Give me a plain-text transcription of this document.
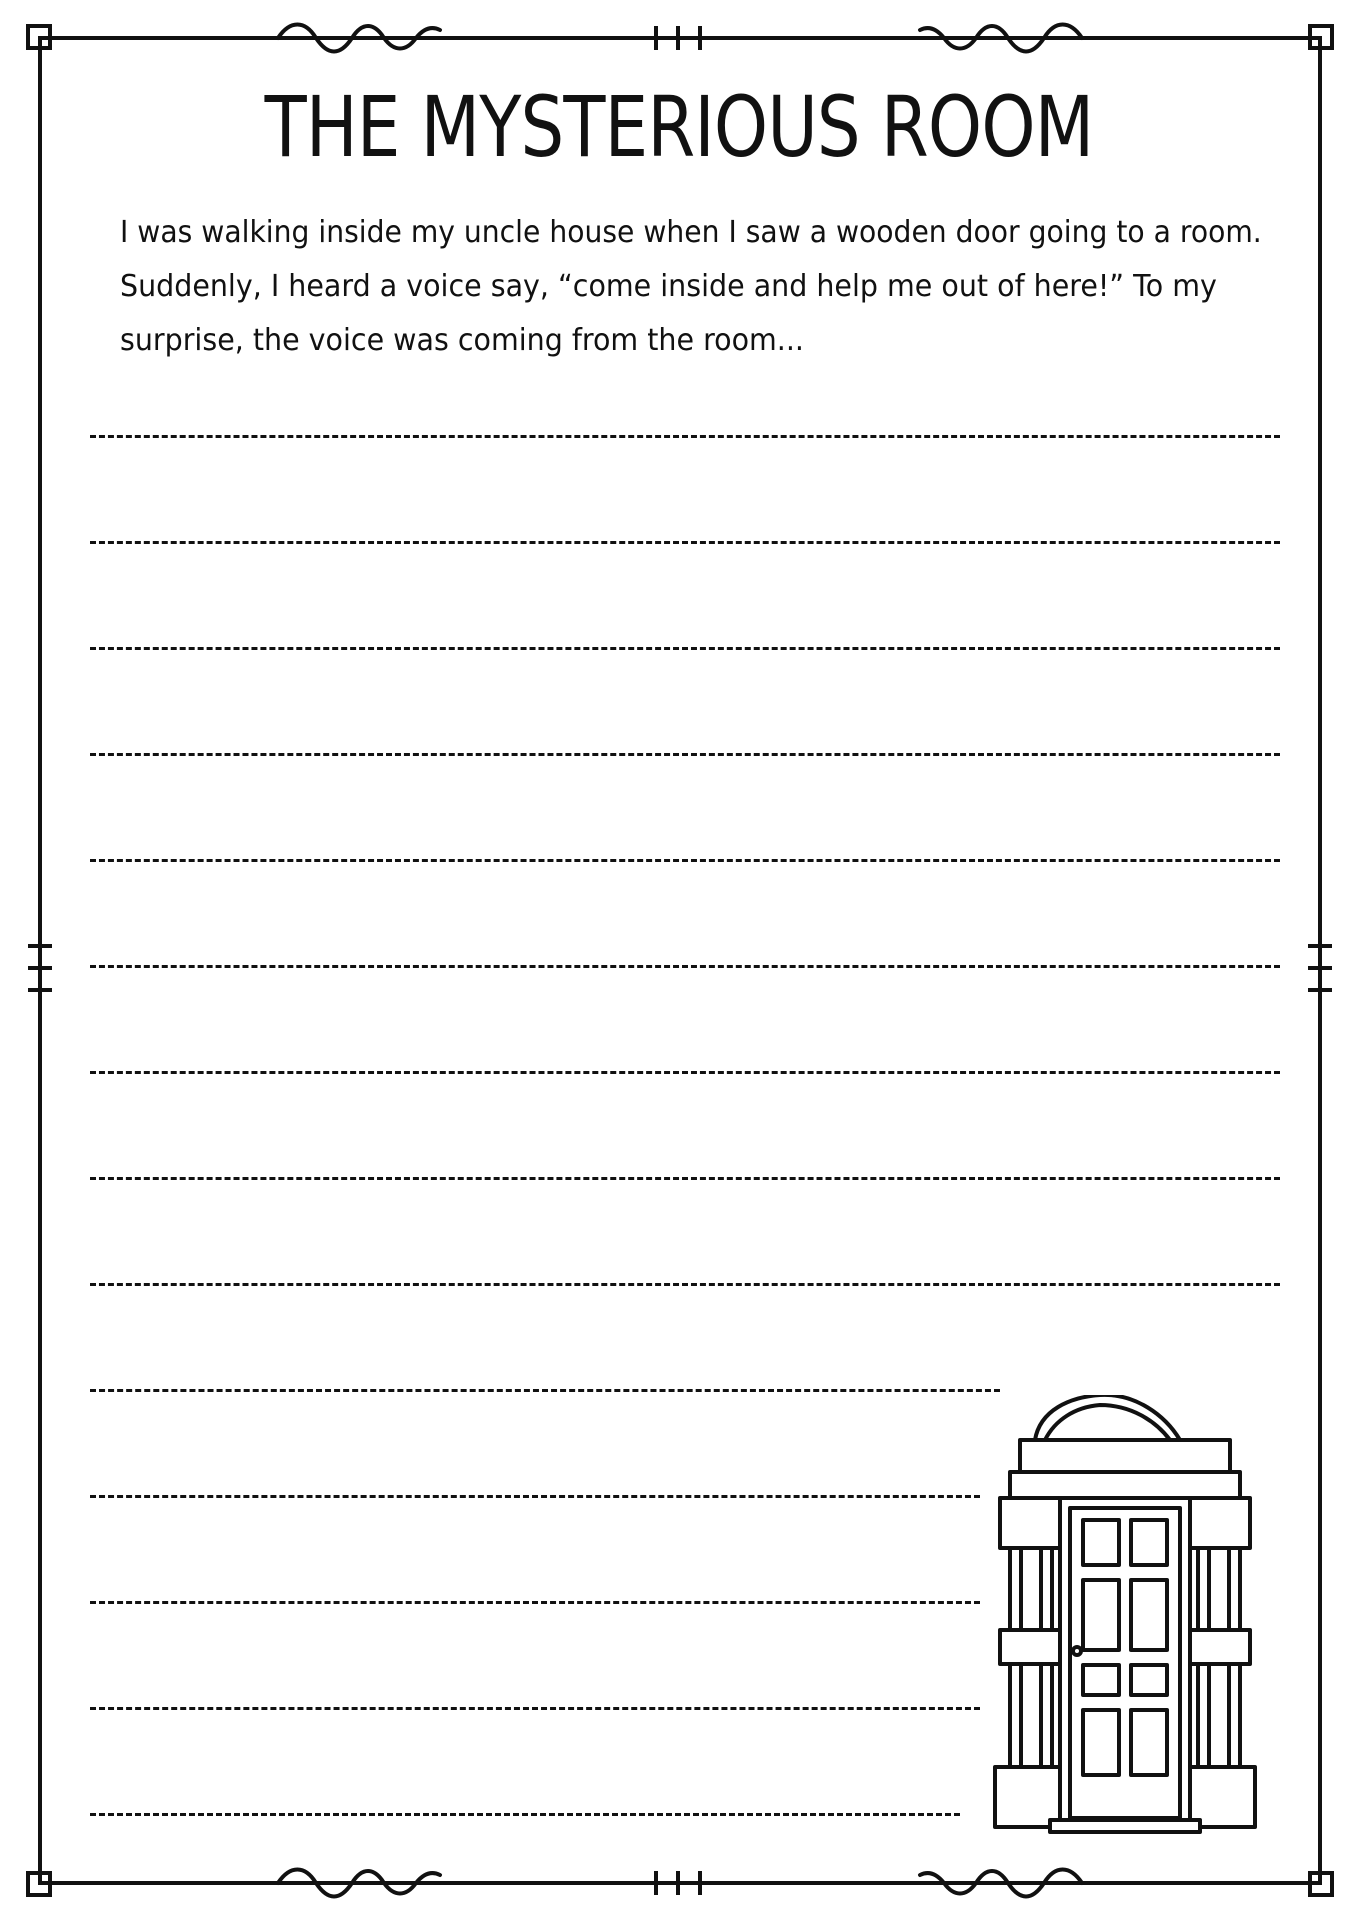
THE MYSTERIOUS ROOM

I was walking inside my uncle house when I saw a wooden door going to a room.
Suddenly, I heard a voice say, “come inside and help me out of here!” To my
surprise, the voice was coming from the room...
